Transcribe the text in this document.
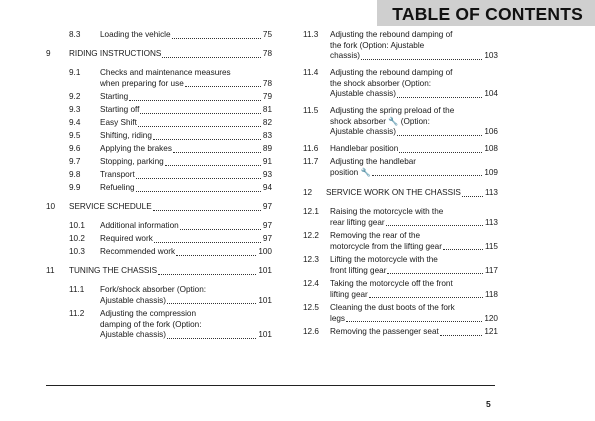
TABLE OF CONTENTS
8.3 Loading the vehicle	75
9 RIDING INSTRUCTIONS	78
9.1 Checks and maintenance measures
when preparing for use	78
9.2 Starting	79
9.3 Starting off	81
9.4 Easy Shift	82
9.5 Shifting, riding	83
9.6 Applying the brakes	89
9.7 Stopping, parking	91
9.8 Transport	93
9.9 Refueling	94
10 SERVICE SCHEDULE	97
10.1 Additional information	97
10.2 Required work	97
10.3 Recommended work	100
11 TUNING THE CHASSIS	101
11.1 Fork/shock absorber (Option:
Ajustable chassis)	101
11.2 Adjusting the compression
damping of the fork (Option:
Ajustable chassis)	101
11.3 Adjusting the rebound damping of
the fork (Option: Ajustable
chassis)	103
11.4 Adjusting the rebound damping of
the shock absorber (Option:
Ajustable chassis)	104
11.5 Adjusting the spring preload of the
shock absorber 🔧 (Option:
Ajustable chassis)	106
11.6 Handlebar position	108
11.7 Adjusting the handlebar
position 🔧	109
12 SERVICE WORK ON THE CHASSIS	113
12.1 Raising the motorcycle with the
rear lifting gear	113
12.2 Removing the rear of the
motorcycle from the lifting gear	115
12.3 Lifting the motorcycle with the
front lifting gear	117
12.4 Taking the motorcycle off the front
lifting gear	118
12.5 Cleaning the dust boots of the fork
legs	120
12.6 Removing the passenger seat	121
5
